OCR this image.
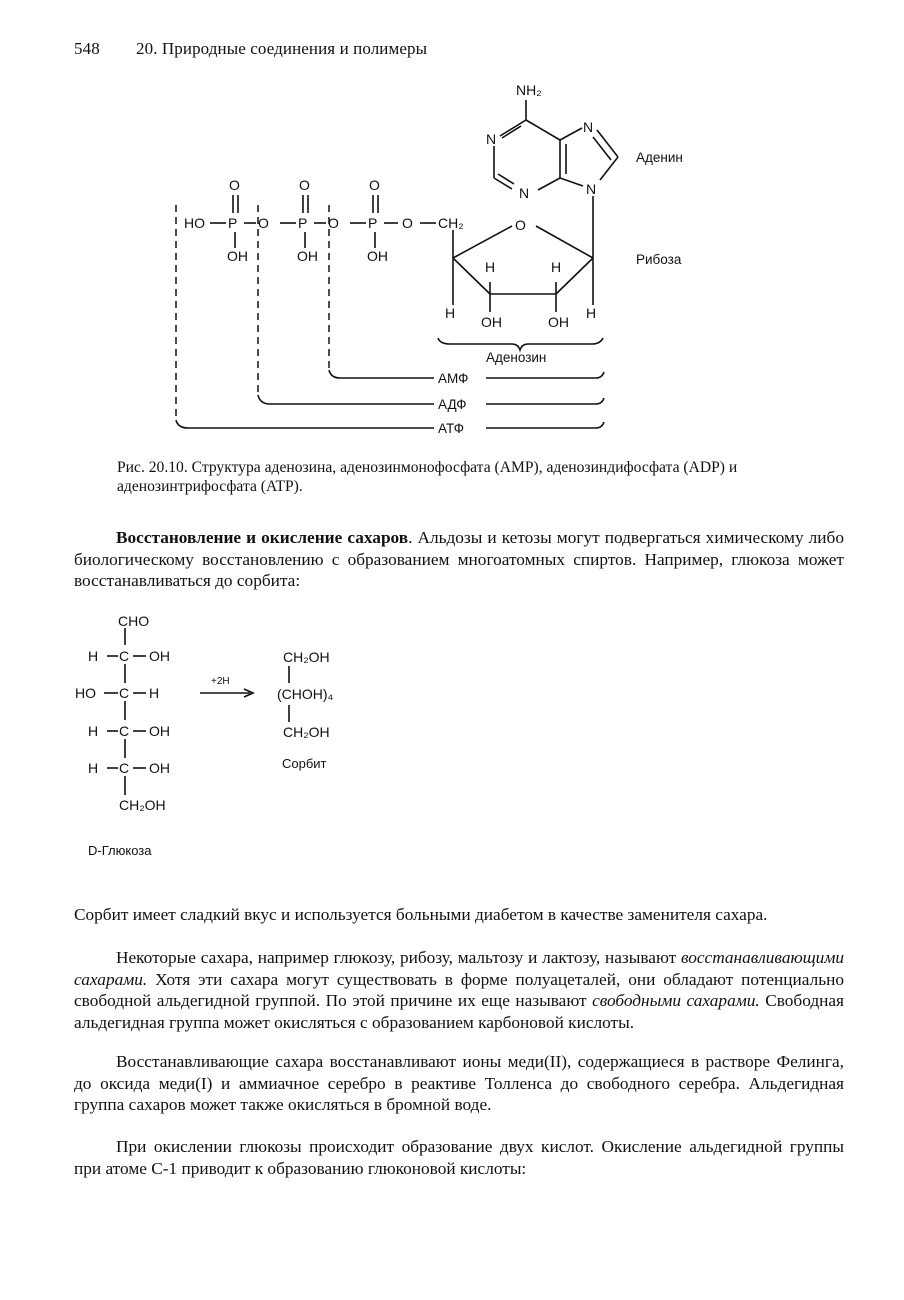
548 20. Природные соединения и полимеры
NH₂
N
N
N	N
O
HO P
O
OH
O P
O
OH
O P
O
OH
O CH₂
H	H
H
OH	OH
H
Аденин
Рибоза
Аденозин
АМФ
АДФ
АТФ
CHO
H C OH
HO C H
H C OH
H C OH
CH₂OH
D-Глюкоза
+2H
CH₂OH
(CHOH)₄
CH₂OH
Сорбит
Рис. 20.10. Структура аденозина, аденозинмонофосфата (AMP), аденозиндифосфата (ADP) и аденозинтрифосфата (ATP).
Восстановление и окисление сахаров. Альдозы и кетозы могут подвергаться химическому либо биологическому восстановлению с образованием многоатомных спиртов. Например, глюкоза может восстанавливаться до сорбита:
Сорбит имеет сладкий вкус и используется больными диабетом в качестве заменителя сахара.
Некоторые сахара, например глюкозу, рибозу, мальтозу и лактозу, называют восстанавливающими сахарами. Хотя эти сахара могут существовать в форме полуацеталей, они обладают потенциально свободной альдегидной группой. По этой причине их еще называют свободными сахарами. Свободная альдегидная группа может окисляться с образованием карбоновой кислоты.
Восстанавливающие сахара восстанавливают ионы меди(II), содержащиеся в растворе Фелинга, до оксида меди(I) и аммиачное серебро в реактиве Толленса до свободного серебра. Альдегидная группа сахаров может также окисляться в бромной воде.
При окислении глюкозы происходит образование двух кислот. Окисление альдегидной группы при атоме С-1 приводит к образованию глюконовой кислоты:
